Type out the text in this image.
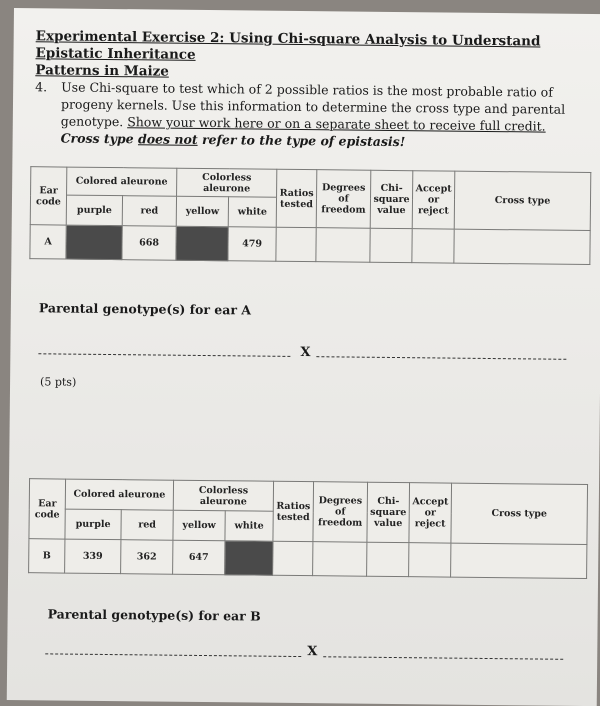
Experimental Exercise 2: Using Chi-square Analysis to Understand Epistatic Inheritance
Patterns in Maize
4. Use Chi-square to test which of 2 possible ratios is the most probable ratio of progeny kernels. Use this information to determine the cross type and parental genotype. Show your work here or on a separate sheet to receive full credit. Cross type does not refer to the type of epistasis!
Ear code	Colored aleurone		Colorless aleurone		Ratios tested	Degrees of freedom	Chi-square value	Accept or reject	Cross type
	purple	red	yellow	white					
A		668		479					
Parental genotype(s) for ear A
X
(5 pts)
Ear code	Colored aleurone		Colorless aleurone		Ratios tested	Degrees of freedom	Chi-square value	Accept or reject	Cross type
	purple	red	yellow	white					
B	339	362	647						
Parental genotype(s) for ear B
X
